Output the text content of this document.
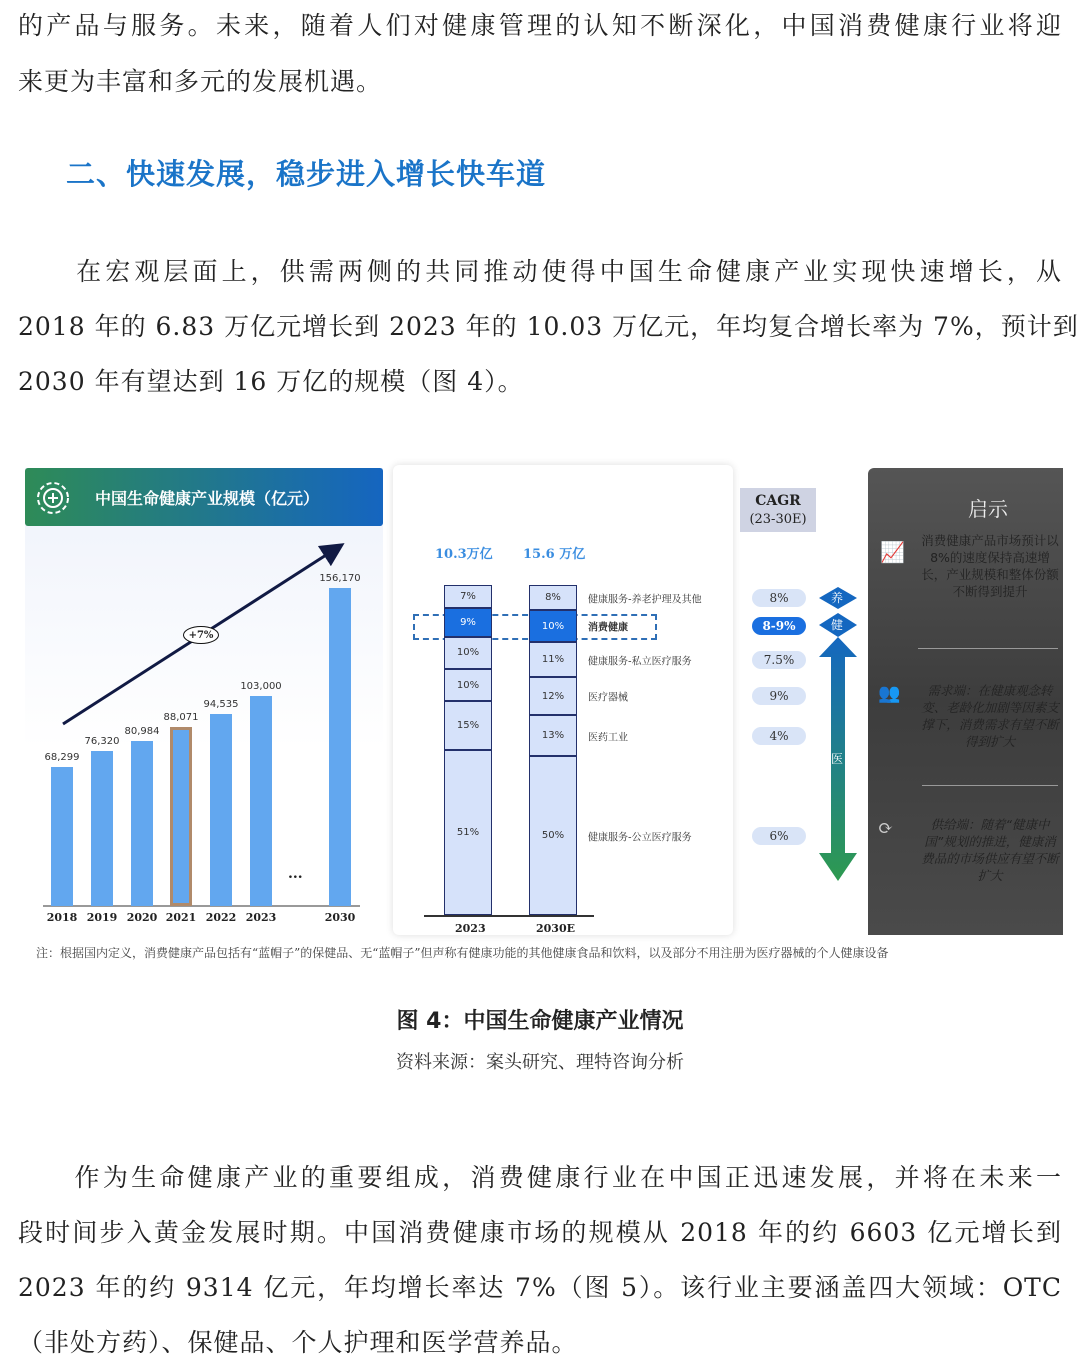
的产品与服务。未来，随着人们对健康管理的认知不断深化，中国消费健康行业将迎
来更为丰富和多元的发展机遇。
二、快速发展，稳步进入增长快车道
　　在宏观层面上，供需两侧的共同推动使得中国生命健康产业实现快速增长，从
2018 年的 6.83 万亿元增长到 2023 年的 10.03 万亿元，年均复合增长率为 7%，预计到
2030 年有望达到 16 万亿的规模（图 4）。
中国生命健康产业规模（亿元）
+7%
...
68,299
2018
76,320
2019
80,984
2020
88,071
2021
94,535
2022
103,000
2023
156,170
2030
10.3万亿 15.6 万亿
2023	2030E
7%
9%
10%
10%
15%
51%
8%	健康服务-养老护理及其他	8%
10%	消费健康	8-9%
11%	健康服务-私立医疗服务	7.5%
12%	医疗器械	9%
13%	医药工业	4%
50%	健康服务-公立医疗服务	6%
CAGR
(23-30E)
养
健
医
启示
📈 消费健康产品市场预计以8%的速度保持高速增长，产业规模和整体份额不断得到提升
👥	需求端：在健康观念转变、老龄化加剧等因素支撑下，消费需求有望不断得到扩大
⟳	供给端：随着“健康中国”规划的推进，健康消费品的市场供应有望不断扩大
注：根据国内定义，消费健康产品包括有“蓝帽子”的保健品、无“蓝帽子”但声称有健康功能的其他健康食品和饮料，以及部分不用注册为医疗器械的个人健康设备
图 4：中国生命健康产业情况
资料来源：案头研究、理特咨询分析
　　作为生命健康产业的重要组成，消费健康行业在中国正迅速发展，并将在未来一
段时间步入黄金发展时期。中国消费健康市场的规模从 2018 年的约 6603 亿元增长到
2023 年的约 9314 亿元，年均增长率达 7%（图 5）。该行业主要涵盖四大领域：OTC
（非处方药）、保健品、个人护理和医学营养品。
